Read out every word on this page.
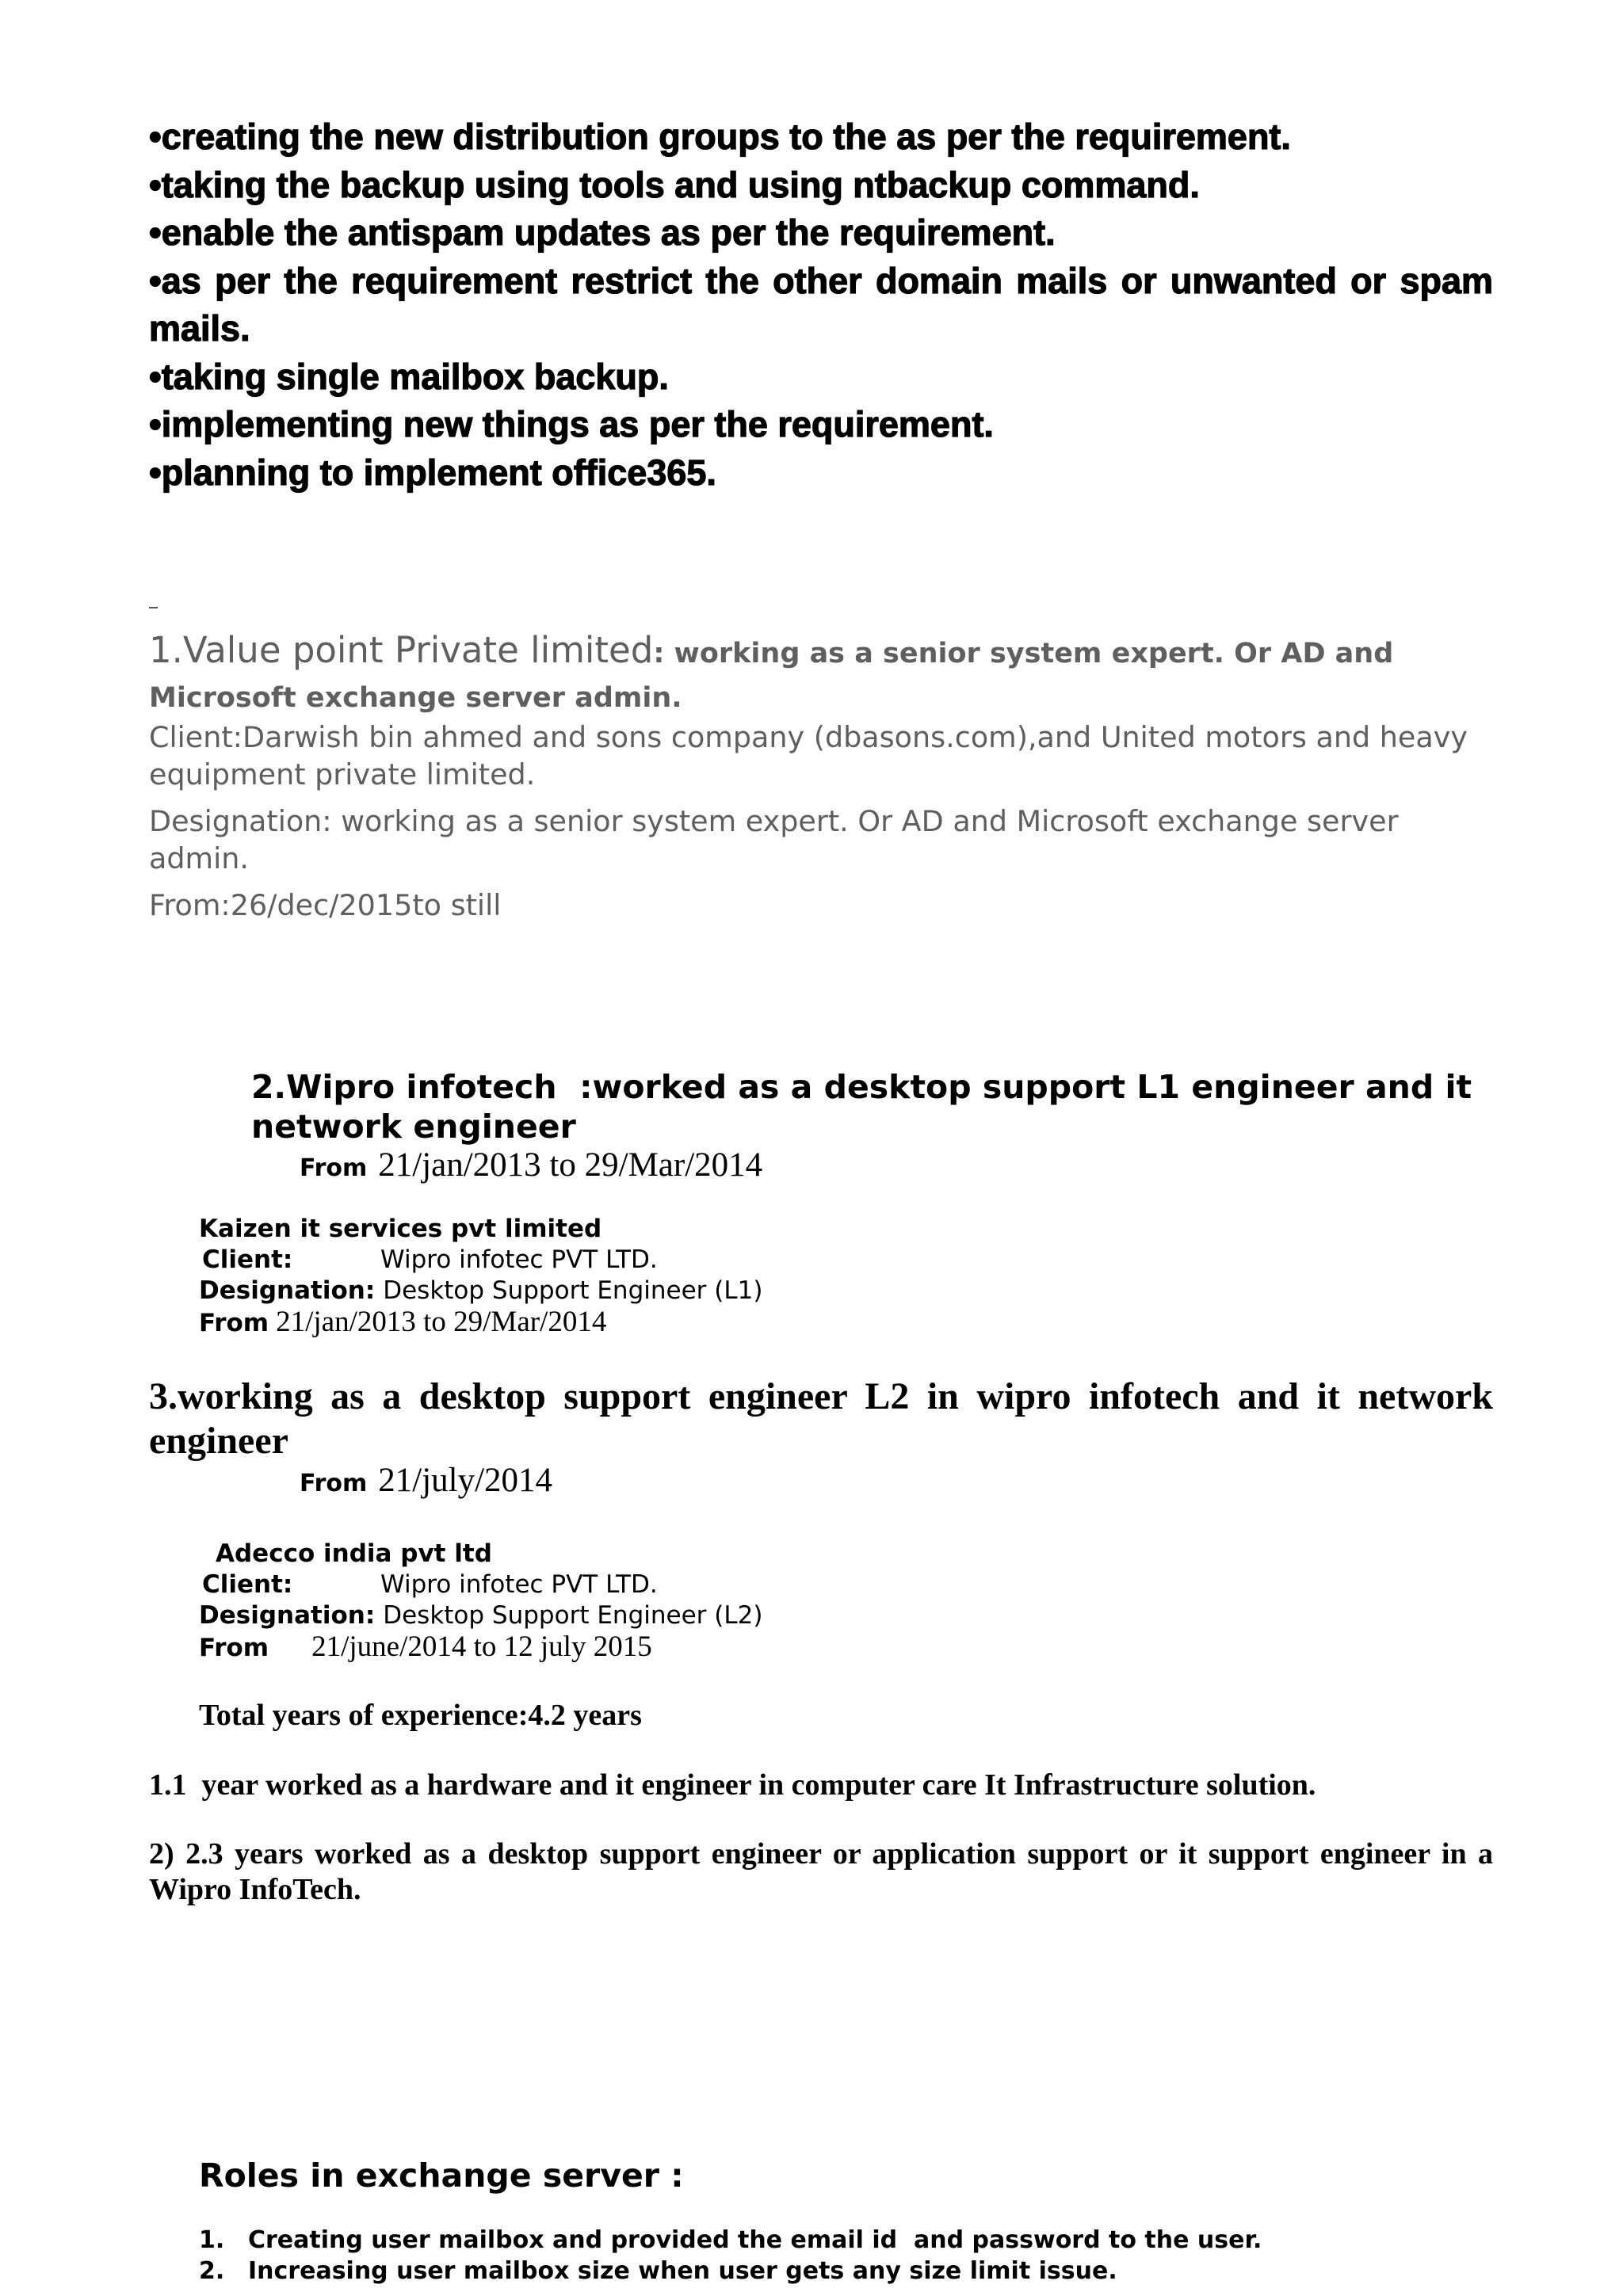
•creating the new distribution groups to the as per the requirement.
•taking the backup using tools and using ntbackup command.
•enable the antispam updates as per the requirement.
•as per the requirement restrict the other domain mails or unwanted or spam mails.
•taking single mailbox backup.
•implementing new things as per the requirement.
•planning to implement office365.
1.Value point Private limited: working as a senior system expert. Or AD and Microsoft exchange server admin.
Client:Darwish bin ahmed and sons company (dbasons.com),and United motors and heavy equipment private limited.
Designation: working as a senior system expert. Or AD and Microsoft exchange server admin.
From:26/dec/2015to still
2.Wipro infotech  :worked as a desktop support L1 engineer and it network engineer
From 21/jan/2013 to 29/Mar/2014
Kaizen it services pvt limited
Client:	Wipro infotec PVT LTD.
Designation: Desktop Support Engineer (L1)
From 21/jan/2013 to 29/Mar/2014
3.working as a desktop support engineer L2 in wipro infotech and it network engineer
From 21/july/2014
Adecco india pvt ltd
Client:	Wipro infotec PVT LTD.
Designation: Desktop Support Engineer (L2)
From 21/june/2014 to 12 july 2015
Total years of experience:4.2 years
1.1  year worked as a hardware and it engineer in computer care It Infrastructure solution.
2) 2.3 years worked as a desktop support engineer or application support or it support engineer in a Wipro InfoTech.
Roles in exchange server :
1. Creating user mailbox and provided the email id  and password to the user.
2. Increasing user mailbox size when user gets any size limit issue.
